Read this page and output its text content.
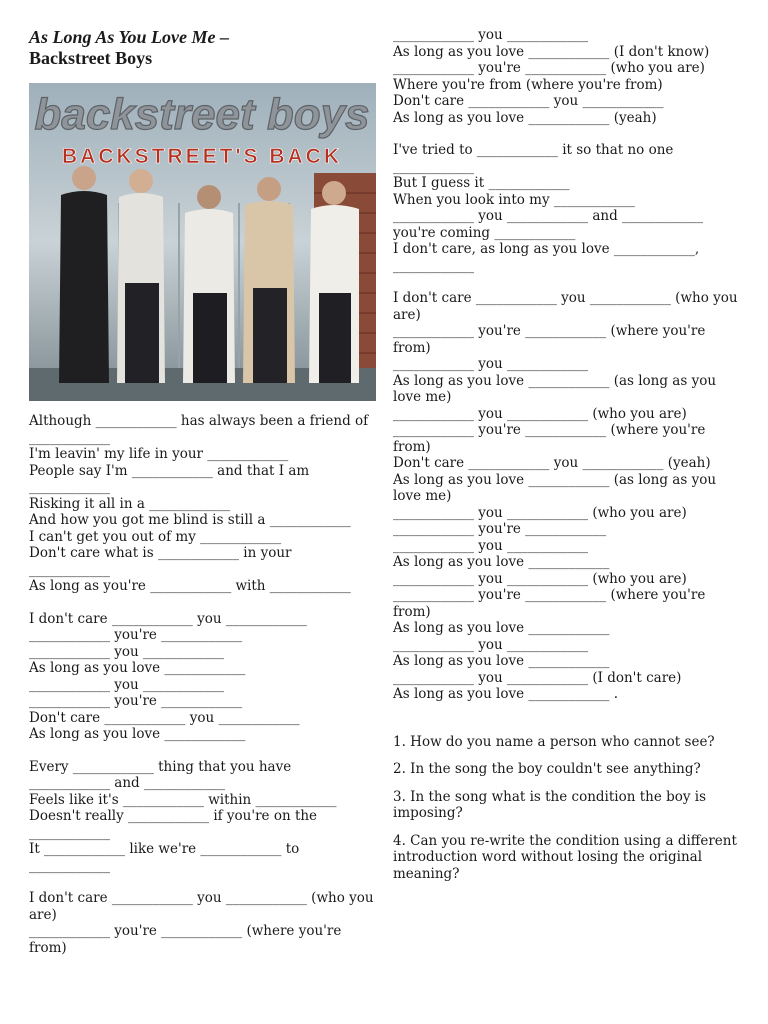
As Long As You Love Me –
Backstreet Boys
backstreet boys
BACKSTREET'S BACK
Although ____________ has always been a friend of ____________
I'm leavin' my life in your ____________
People say I'm ____________ and that I am ____________
Risking it all in a ____________
And how you got me blind is still a ____________
I can't get you out of my ____________
Don't care what is ____________ in your ____________
As long as you're ____________ with ____________
I don't care ____________ you ____________
____________ you're ____________
____________ you ____________
As long as you love ____________
____________ you ____________
____________ you're ____________
Don't care ____________ you ____________
As long as you love ____________
Every ____________ thing that you have ____________ and ____________
Feels like it's ____________ within ____________
Doesn't really ____________ if you're on the ____________
It ____________ like we're ____________ to ____________
I don't care ____________ you ____________ (who you are)
____________ you're ____________ (where you're from)
____________ you ____________
As long as you love ____________ (I don't know)
____________ you're ____________ (who you are)
Where you're from (where you're from)
Don't care ____________ you ____________
As long as you love ____________ (yeah)
I've tried to ____________ it so that no one ____________
But I guess it ____________
When you look into my ____________
____________ you ____________ and ____________ you're coming ____________
I don't care, as long as you love ____________, ____________
I don't care ____________ you ____________ (who you are)
____________ you're ____________ (where you're from)
____________ you ____________
As long as you love ____________ (as long as you love me)
____________ you ____________ (who you are)
____________ you're ____________ (where you're from)
Don't care ____________ you ____________ (yeah)
As long as you love ____________ (as long as you love me)
____________ you ____________ (who you are)
____________ you're ____________
____________ you ____________
As long as you love ____________
____________ you ____________ (who you are)
____________ you're ____________ (where you're from)
As long as you love ____________
____________ you ____________
As long as you love ____________
____________ you ____________ (I don't care)
As long as you love ____________ .
1. How do you name a person who cannot see?
2. In the song the boy couldn't see anything?
3. In the song what is the condition the boy is imposing?
4. Can you re-write the condition using a different introduction word without losing the original meaning?
